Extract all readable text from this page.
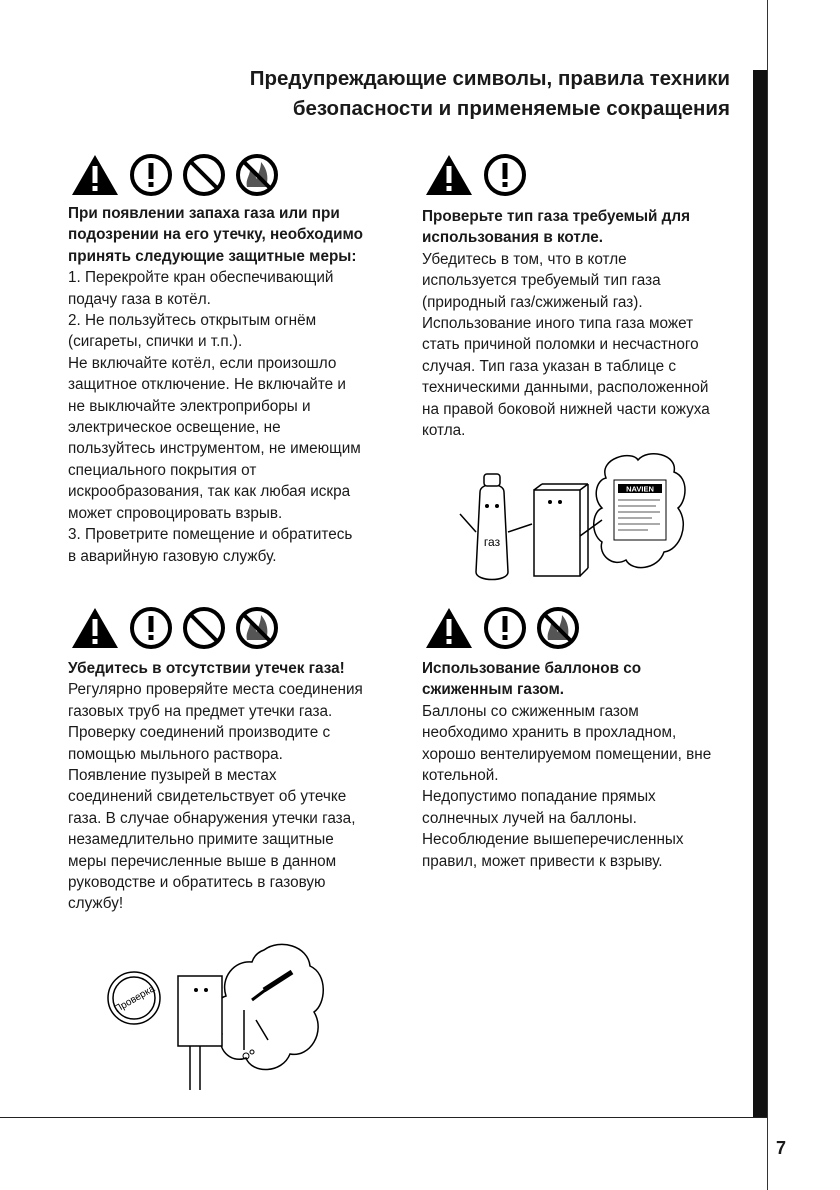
7
Предупреждающие символы, правила техники
безопасности и применяемые сокращения

При появлении запаха газа или при подозрении на его утечку, необходимо принять следующие защитные меры:

1. Перекройте кран обеспечивающий подачу газа в котёл.

2. Не пользуйтесь открытым огнём (сигареты, спички и т.п.).

Не включайте котёл, если произошло защитное отключение. Не включайте и не выключайте электроприборы и электрическое освещение, не пользуйтесь инструментом, не имеющим специального покрытия от искрообразования, так как любая искра может спровоцировать взрыв.

3. Проветрите помещение и обратитесь в аварийную газовую службу.

Проверьте тип газа требуемый для использования в котле.

Убедитесь в том, что в котле используется требуемый тип газа (природный газ/сжиженый газ).

Использование иного типа газа может стать причиной поломки и несчастного случая. Тип газа указан в таблице с техническими данными, расположенной на правой боковой нижней части кожуха котла.

NAVIEN
газ

Убедитесь в отсутствии утечек газа!

Регулярно проверяйте места соединения газовых труб на предмет утечки газа. Проверку соединений производите с помощью мыльного раствора. Появление пузырей в местах соединений свидетельствует об утечке газа. В случае обнаружения утечки газа, незамедлительно примите защитные меры перечисленные выше в данном руководстве и обратитесь в газовую службу!

Проверка

Использование баллонов со сжиженным газом.

Баллоны со сжиженным газом необходимо хранить в прохладном, хорошо вентелируемом помещении, вне котельной.

Недопустимо попадание прямых солнечных лучей на баллоны.

Несоблюдение вышеперечисленных правил, может привести к взрыву.
